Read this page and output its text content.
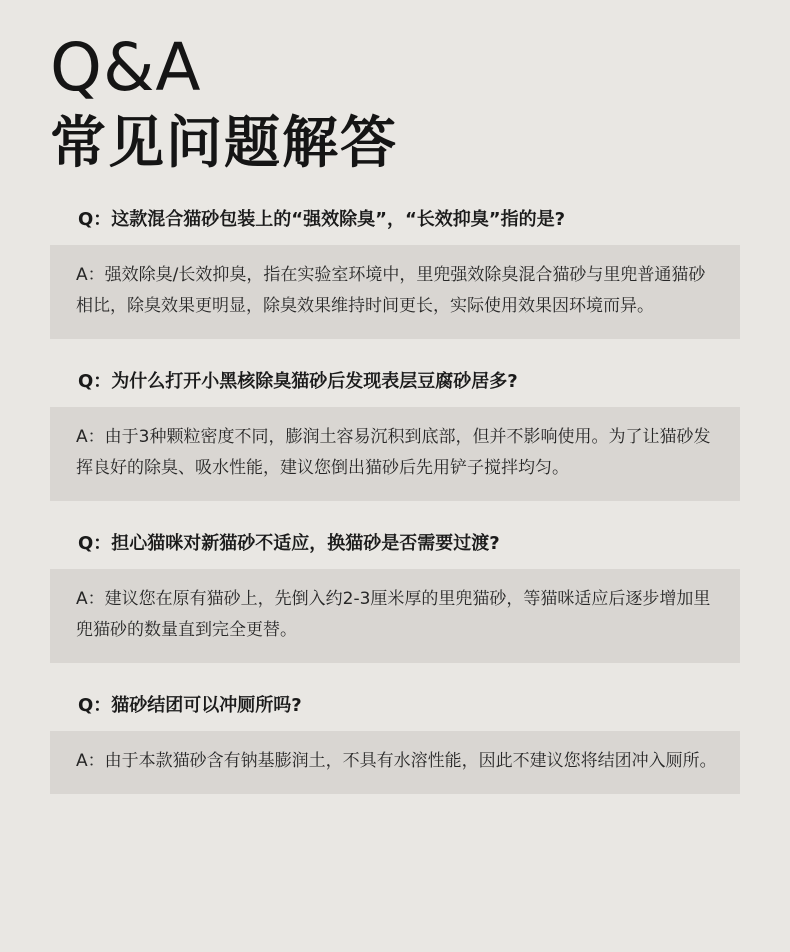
Q&A
常见问题解答
Q：这款混合猫砂包装上的“强效除臭”，“长效抑臭”指的是?
A：强效除臭/长效抑臭，指在实验室环境中，里兜强效除臭混合猫砂与里兜普通猫砂相比，除臭效果更明显，除臭效果维持时间更长，实际使用效果因环境而异。
Q：为什么打开小黑核除臭猫砂后发现表层豆腐砂居多?
A：由于3种颗粒密度不同，膨润土容易沉积到底部，但并不影响使用。为了让猫砂发挥良好的除臭、吸水性能，建议您倒出猫砂后先用铲子搅拌均匀。
Q：担心猫咪对新猫砂不适应，换猫砂是否需要过渡?
A：建议您在原有猫砂上，先倒入约2-3厘米厚的里兜猫砂，等猫咪适应后逐步增加里兜猫砂的数量直到完全更替。
Q：猫砂结团可以冲厕所吗?
A：由于本款猫砂含有钠基膨润土，不具有水溶性能，因此不建议您将结团冲入厕所。
